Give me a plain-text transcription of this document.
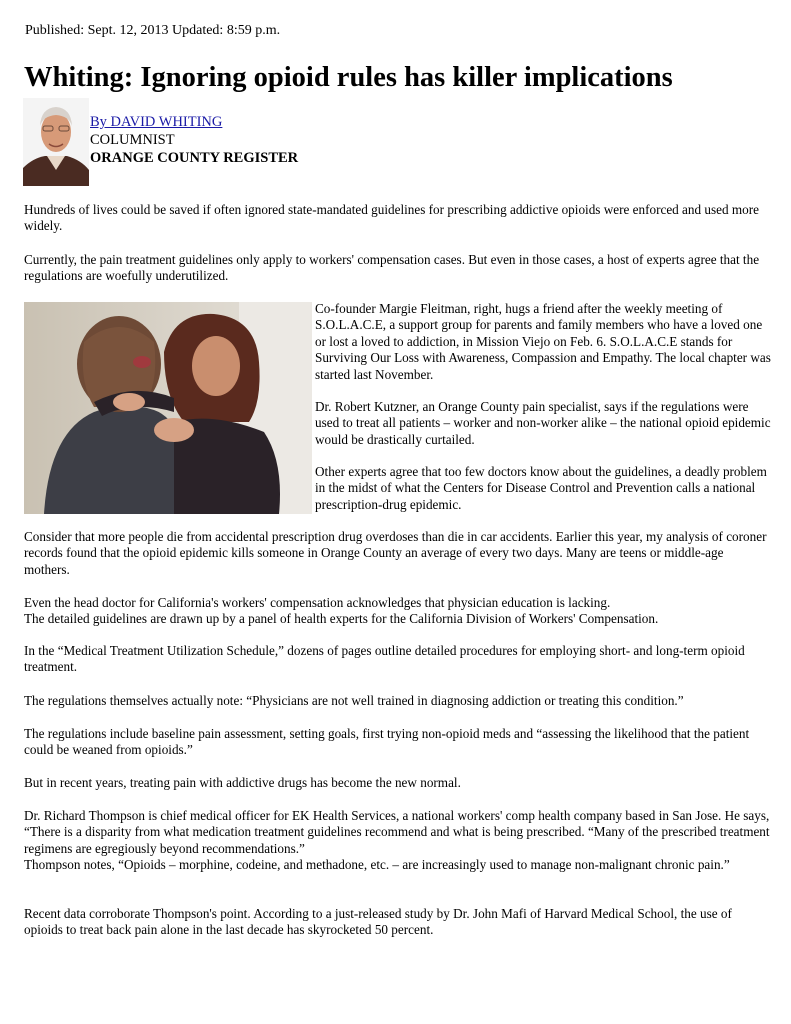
Published: Sept. 12, 2013 Updated: 8:59 p.m.
Whiting: Ignoring opioid rules has killer implications
By DAVID WHITING
COLUMNIST
ORANGE COUNTY REGISTER

Hundreds of lives could be saved if often ignored state-mandated guidelines for prescribing addictive opioids were enforced and used more widely.

Currently, the pain treatment guidelines only apply to workers' compensation cases. But even in those cases, a host of experts agree that the regulations are woefully underutilized.

Co-founder Margie Fleitman, right, hugs a friend after the weekly meeting of S.O.L.A.C.E, a support group for parents and family members who have a loved one or lost a loved to addiction, in Mission Viejo on Feb. 6. S.O.L.A.C.E stands for Surviving Our Loss with Awareness, Compassion and Empathy. The local chapter was started last November.

Dr. Robert Kutzner, an Orange County pain specialist, says if the regulations were used to treat all patients – worker and non-worker alike – the national opioid epidemic would be drastically curtailed.

Other experts agree that too few doctors know about the guidelines, a deadly problem in the midst of what the Centers for Disease Control and Prevention calls a national prescription-drug epidemic.

Consider that more people die from accidental prescription drug overdoses than die in car accidents. Earlier this year, my analysis of coroner records found that the opioid epidemic kills someone in Orange County an average of every two days. Many are teens or middle-age mothers.

Even the head doctor for California's workers' compensation acknowledges that physician education is lacking.
The detailed guidelines are drawn up by a panel of health experts for the California Division of Workers' Compensation.

In the “Medical Treatment Utilization Schedule,” dozens of pages outline detailed procedures for employing short- and long-term opioid treatment.

The regulations themselves actually note: “Physicians are not well trained in diagnosing addiction or treating this condition.”

The regulations include baseline pain assessment, setting goals, first trying non-opioid meds and “assessing the likelihood that the patient could be weaned from opioids.”

But in recent years, treating pain with addictive drugs has become the new normal.

Dr. Richard Thompson is chief medical officer for EK Health Services, a national workers' comp health company based in San Jose. He says, “There is a disparity from what medication treatment guidelines recommend and what is being prescribed. “Many of the prescribed treatment regimens are egregiously beyond recommendations.”
Thompson notes, “Opioids – morphine, codeine, and methadone, etc. – are increasingly used to manage non-malignant chronic pain.”

Recent data corroborate Thompson's point. According to a just-released study by Dr. John Mafi of Harvard Medical School, the use of opioids to treat back pain alone in the last decade has skyrocketed 50 percent.
